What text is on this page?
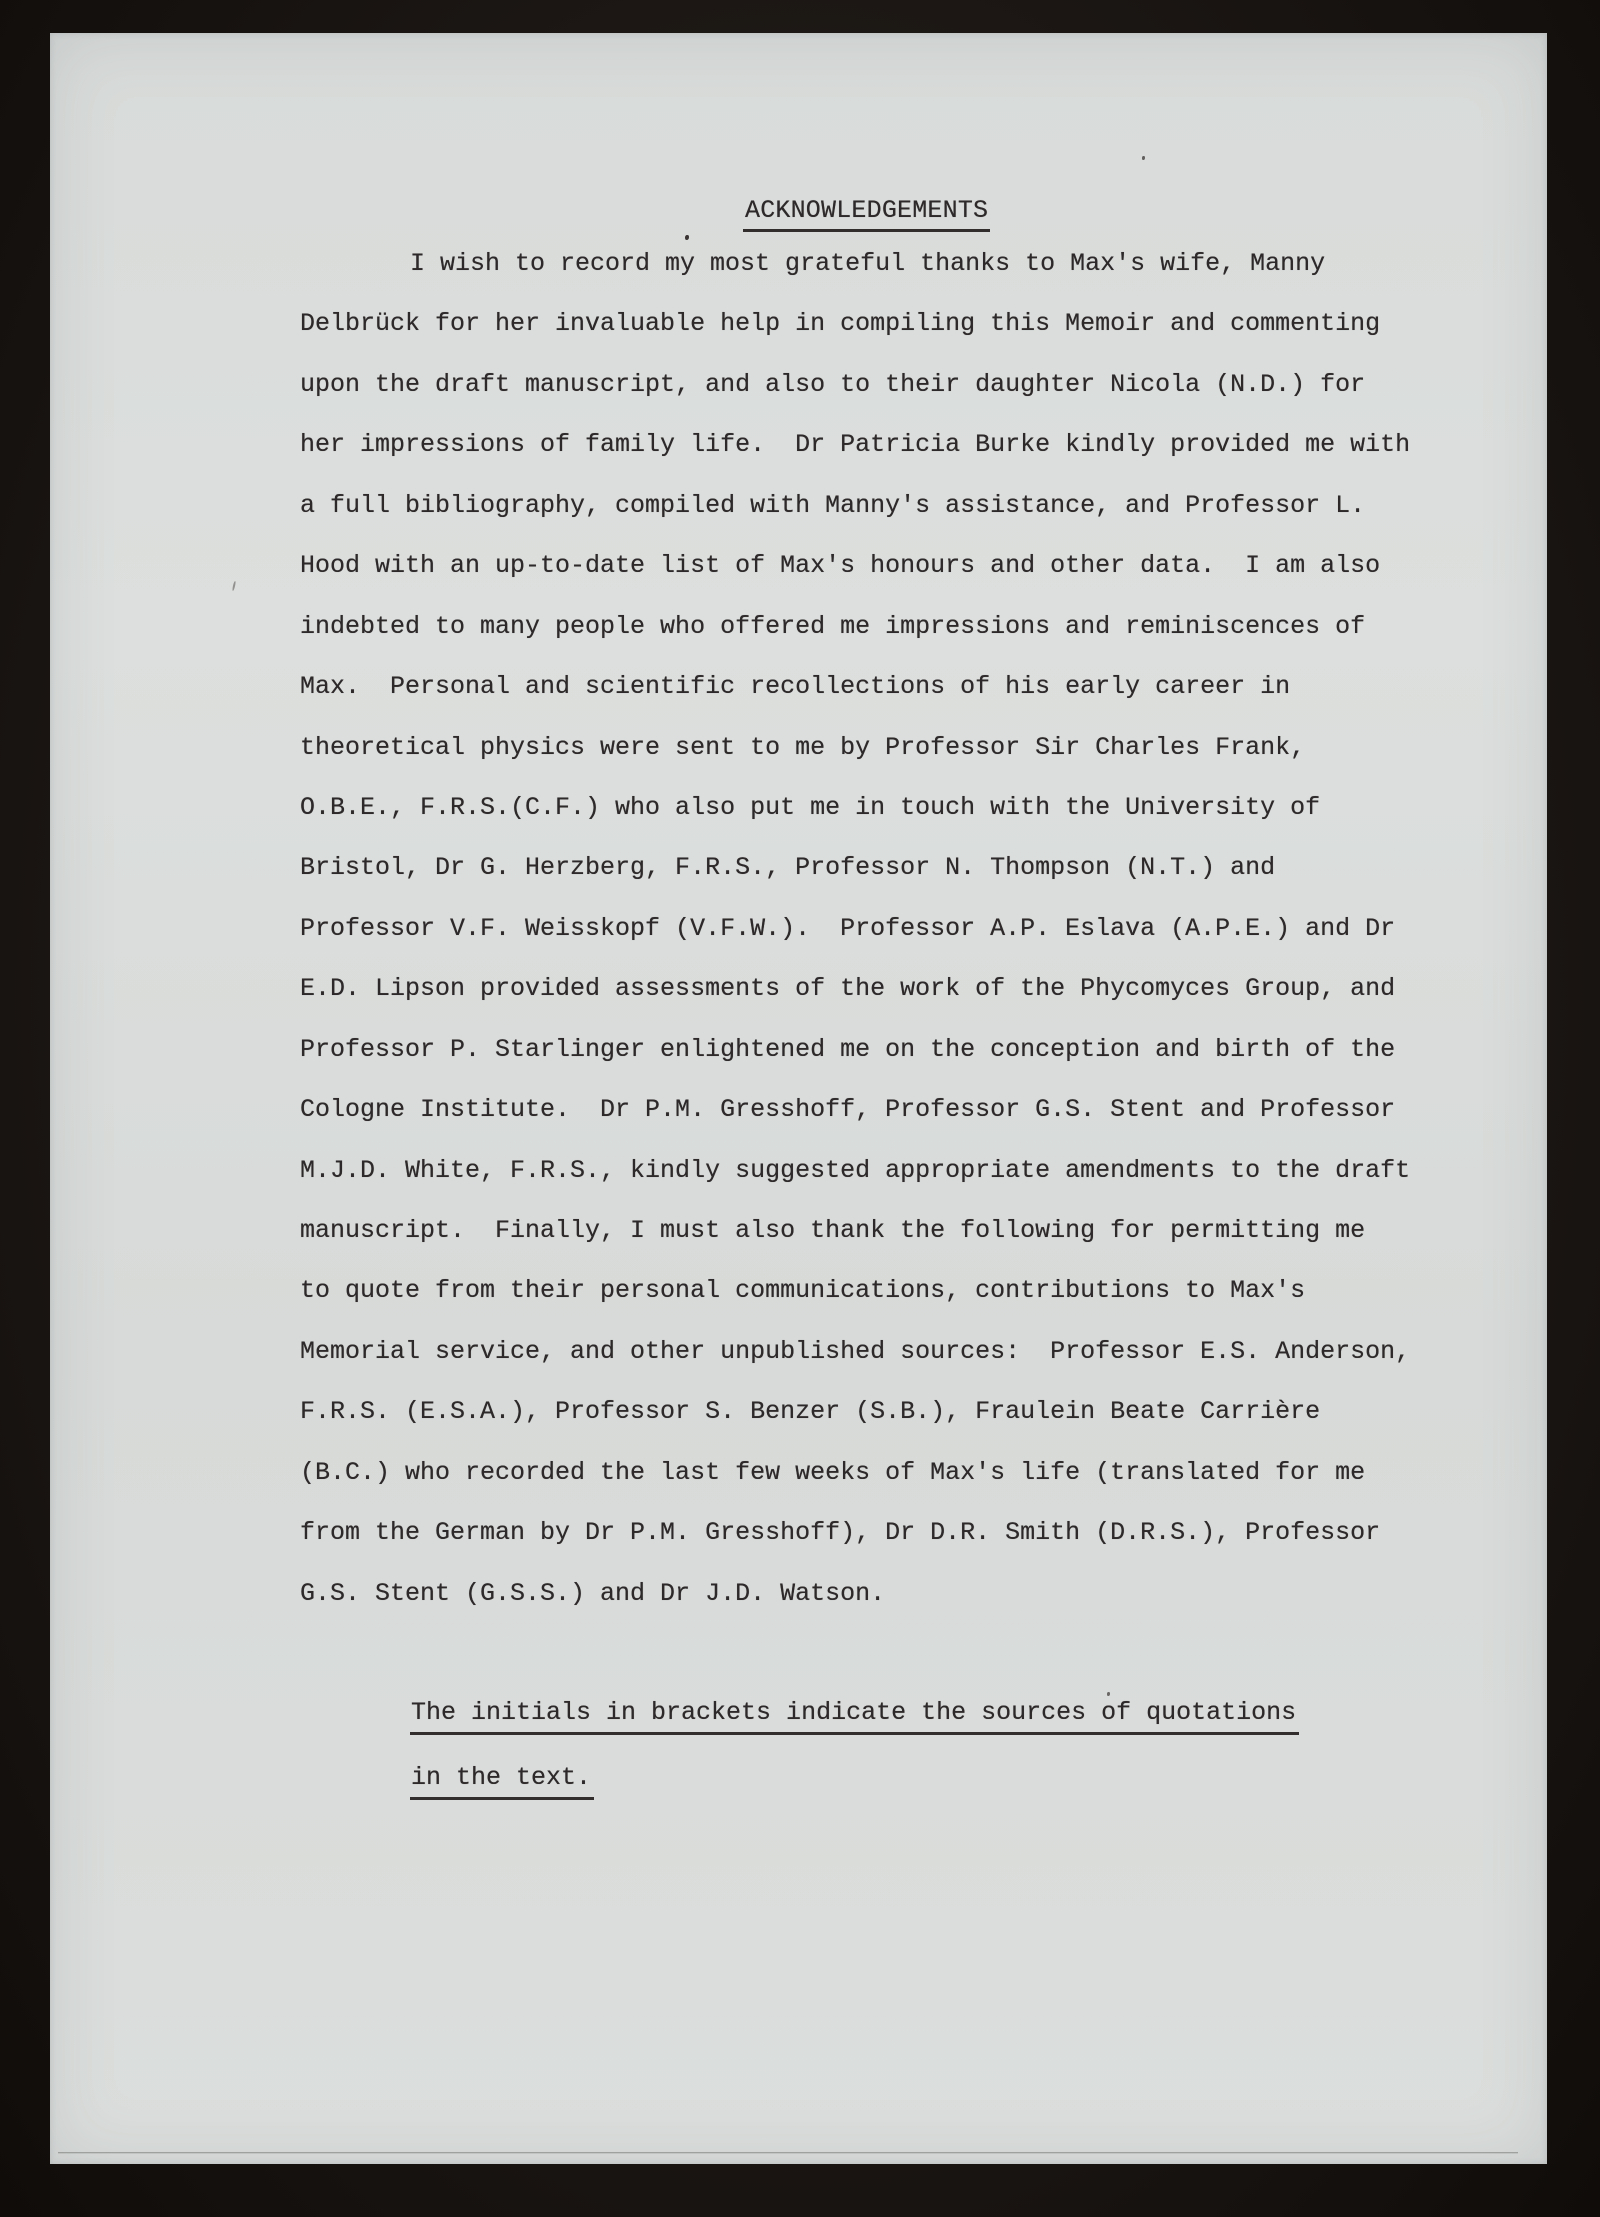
ACKNOWLEDGEMENTS
I wish to record my most grateful thanks to Max's wife, Manny
Delbrück for her invaluable help in compiling this Memoir and commenting
upon the draft manuscript, and also to their daughter Nicola (N.D.) for
her impressions of family life.  Dr Patricia Burke kindly provided me with
a full bibliography, compiled with Manny's assistance, and Professor L.
Hood with an up-to-date list of Max's honours and other data.  I am also
indebted to many people who offered me impressions and reminiscences of
Max.  Personal and scientific recollections of his early career in
theoretical physics were sent to me by Professor Sir Charles Frank,
O.B.E., F.R.S.(C.F.) who also put me in touch with the University of
Bristol, Dr G. Herzberg, F.R.S., Professor N. Thompson (N.T.) and
Professor V.F. Weisskopf (V.F.W.).  Professor A.P. Eslava (A.P.E.) and Dr
E.D. Lipson provided assessments of the work of the Phycomyces Group, and
Professor P. Starlinger enlightened me on the conception and birth of the
Cologne Institute.  Dr P.M. Gresshoff, Professor G.S. Stent and Professor
M.J.D. White, F.R.S., kindly suggested appropriate amendments to the draft
manuscript.  Finally, I must also thank the following for permitting me
to quote from their personal communications, contributions to Max's
Memorial service, and other unpublished sources:  Professor E.S. Anderson,
F.R.S. (E.S.A.), Professor S. Benzer (S.B.), Fraulein Beate Carrière
(B.C.) who recorded the last few weeks of Max's life (translated for me
from the German by Dr P.M. Gresshoff), Dr D.R. Smith (D.R.S.), Professor
G.S. Stent (G.S.S.) and Dr J.D. Watson.
The initials in brackets indicate the sources of quotations
in the text.
